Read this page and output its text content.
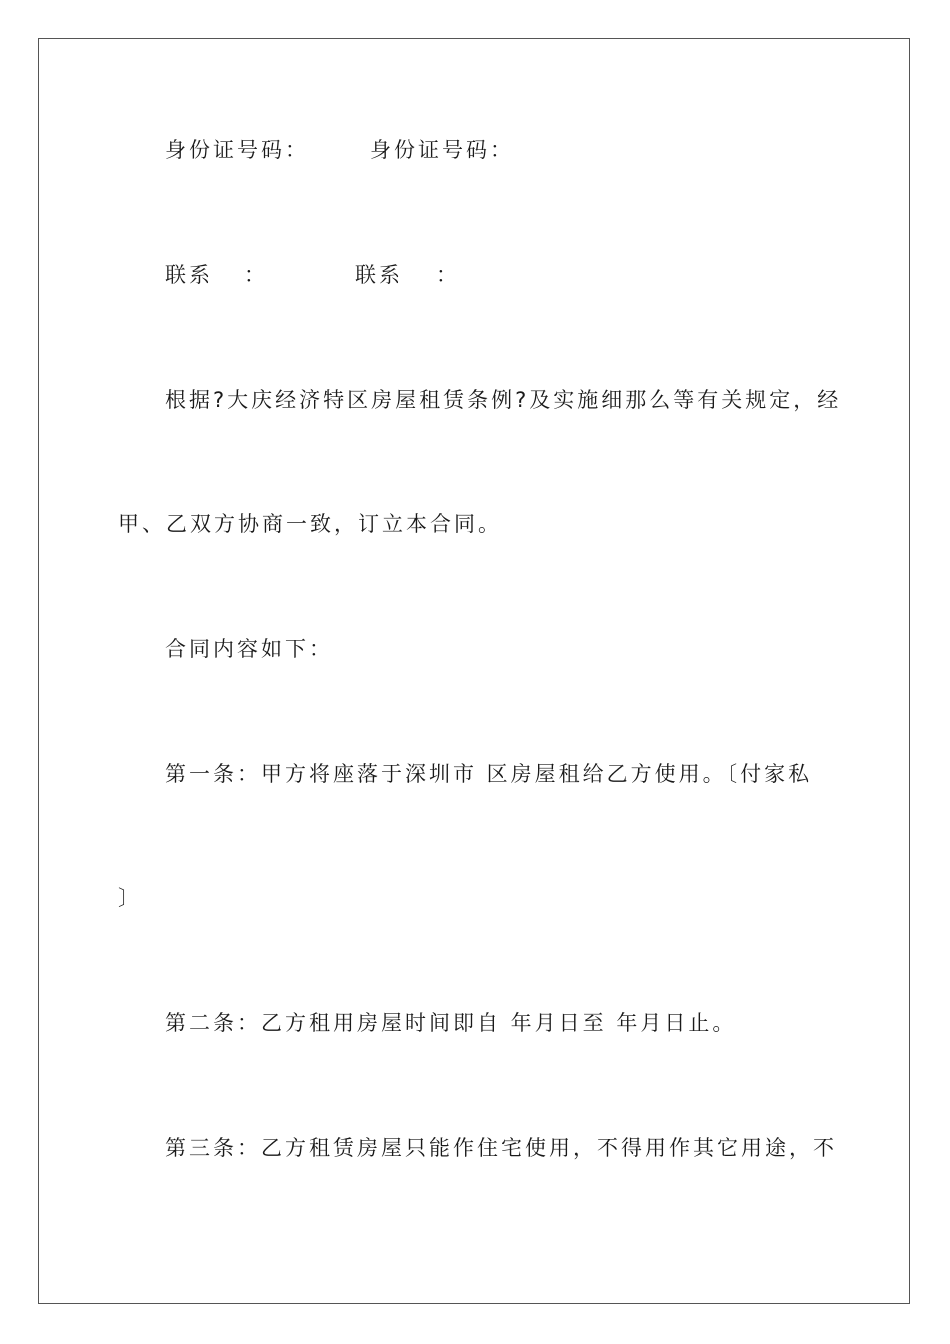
身份证号码：	身份证号码：
联系 ：	联系 ：
根据?大庆经济特区房屋租赁条例?及实施细那么等有关规定，经
甲、乙双方协商一致，订立本合同。
合同内容如下：
第一条：甲方将座落于深圳市 区房屋租给乙方使用。〔付家私
〕
第二条：乙方租用房屋时间即自 年月日至 年月日止。
第三条：乙方租赁房屋只能作住宅使用，不得用作其它用途，不
